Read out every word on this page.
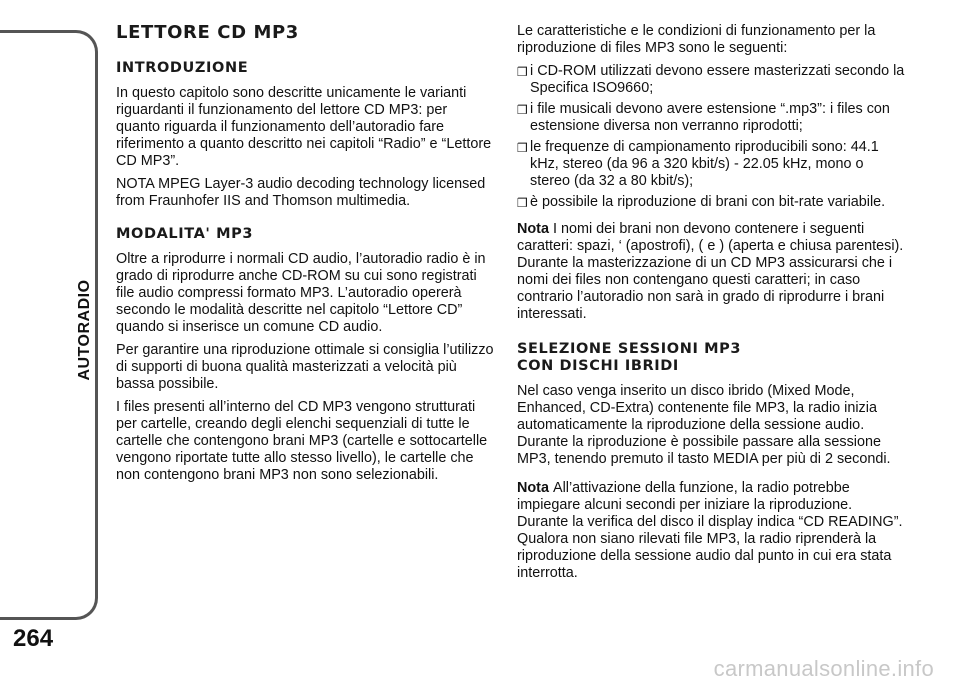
AUTORADIO
264
LETTORE CD MP3
INTRODUZIONE

In questo capitolo sono descritte unicamente le varianti riguardanti il funzionamento del lettore CD MP3: per quanto riguarda il funzionamento dell’autoradio fare riferimento a quanto descritto nei capitoli “Radio” e “Lettore CD MP3”.

NOTA MPEG Layer-3 audio decoding technology licensed from Fraunhofer IIS and Thomson multimedia.

MODALITA' MP3

Oltre a riprodurre i normali CD audio, l’autoradio radio è in grado di riprodurre anche CD-ROM su cui sono registrati file audio compressi formato MP3. L’autoradio opererà secondo le modalità descritte nel capitolo “Lettore CD” quando si inserisce un comune CD audio.

Per garantire una riproduzione ottimale si consiglia l’utilizzo di supporti di buona qualità masterizzati a velocità più bassa possibile.

I files presenti all’interno del CD MP3 vengono strutturati per cartelle, creando degli elenchi sequenziali di tutte le cartelle che contengono brani MP3 (cartelle e sottocartelle vengono riportate tutte allo stesso livello), le cartelle che non contengono brani MP3 non sono selezionabili.

Le caratteristiche e le condizioni di funzionamento per la riproduzione di files MP3 sono le seguenti:

❒ i CD-ROM utilizzati devono essere masterizzati secondo la Specifica ISO9660;
❒ i file musicali devono avere estensione “.mp3”: i files con estensione diversa non verranno riprodotti;
❒ le frequenze di campionamento riproducibili sono: 44.1 kHz, stereo (da 96 a 320 kbit/s) - 22.05 kHz, mono o stereo (da 32 a 80 kbit/s);
❒ è possibile la riproduzione di brani con bit-rate variabile.

Nota I nomi dei brani non devono contenere i seguenti caratteri: spazi, ‘ (apostrofi), ( e ) (aperta e chiusa parentesi). Durante la masterizzazione di un CD MP3 assicurarsi che i nomi dei files non contengano questi caratteri; in caso contrario l’autoradio non sarà in grado di riprodurre i brani interessati.

SELEZIONE SESSIONI MP3
CON DISCHI IBRIDI

Nel caso venga inserito un disco ibrido (Mixed Mode, Enhanced, CD-Extra) contenente file MP3, la radio inizia automaticamente la riproduzione della sessione audio. Durante la riproduzione è possibile passare alla sessione MP3, tenendo premuto il tasto MEDIA per più di 2 secondi.

Nota All’attivazione della funzione, la radio potrebbe impiegare alcuni secondi per iniziare la riproduzione. Durante la verifica del disco il display indica “CD READING”. Qualora non siano rilevati file MP3, la radio riprenderà la riproduzione della sessione audio dal punto in cui era stata interrotta.

carmanualsonline.info
